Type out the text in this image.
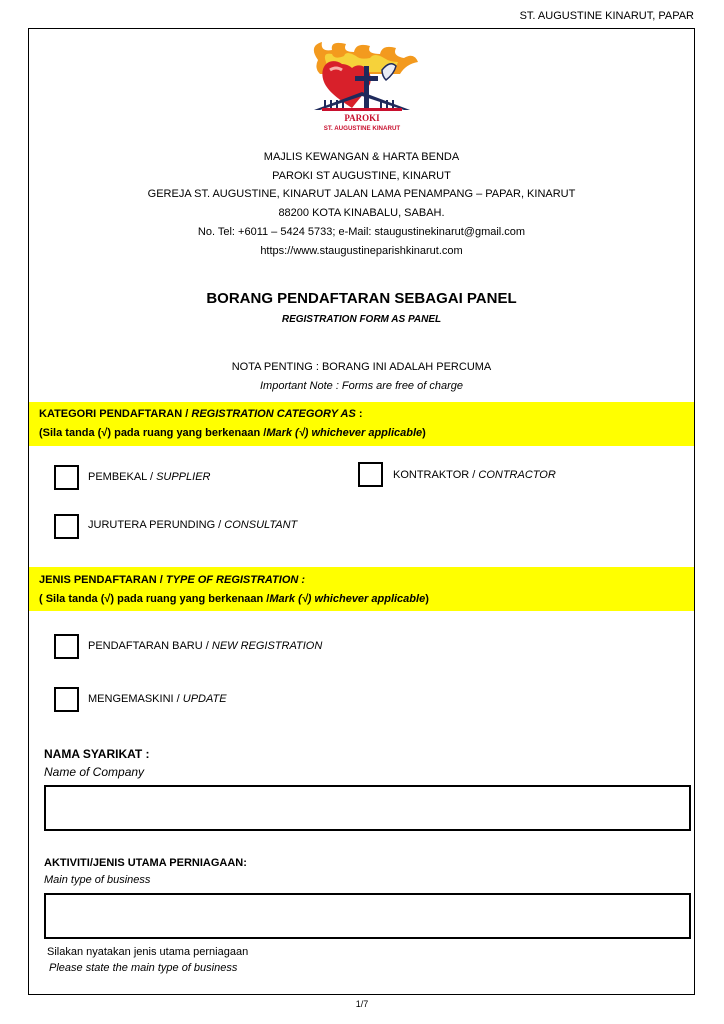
ST. AUGUSTINE KINARUT, PAPAR
PAROKI
ST. AUGUSTINE KINARUT
MAJLIS KEWANGAN & HARTA BENDA
PAROKI ST AUGUSTINE, KINARUT
GEREJA ST. AUGUSTINE, KINARUT JALAN LAMA PENAMPANG – PAPAR, KINARUT
88200 KOTA KINABALU, SABAH.
No. Tel: +6011 – 5424 5733; e-Mail: staugustinekinarut@gmail.com
https://www.staugustineparishkinarut.com
BORANG PENDAFTARAN SEBAGAI PANEL
REGISTRATION FORM AS PANEL
NOTA PENTING : BORANG INI ADALAH PERCUMA
Important Note : Forms are free of charge
KATEGORI PENDAFTARAN / REGISTRATION CATEGORY AS :
(Sila tanda (√) pada ruang yang berkenaan /Mark (√) whichever applicable)
PEMBEKAL / SUPPLIER	KONTRAKTOR / CONTRACTOR
JURUTERA PERUNDING / CONSULTANT
JENIS PENDAFTARAN / TYPE OF REGISTRATION :
( Sila tanda (√) pada ruang yang berkenaan /Mark (√) whichever applicable)
PENDAFTARAN BARU / NEW REGISTRATION
MENGEMASKINI / UPDATE
NAMA SYARIKAT :
Name of Company
AKTIVITI/JENIS UTAMA PERNIAGAAN:
Main type of business
Silakan nyatakan jenis utama perniagaan
Please state the main type of business
1/7
